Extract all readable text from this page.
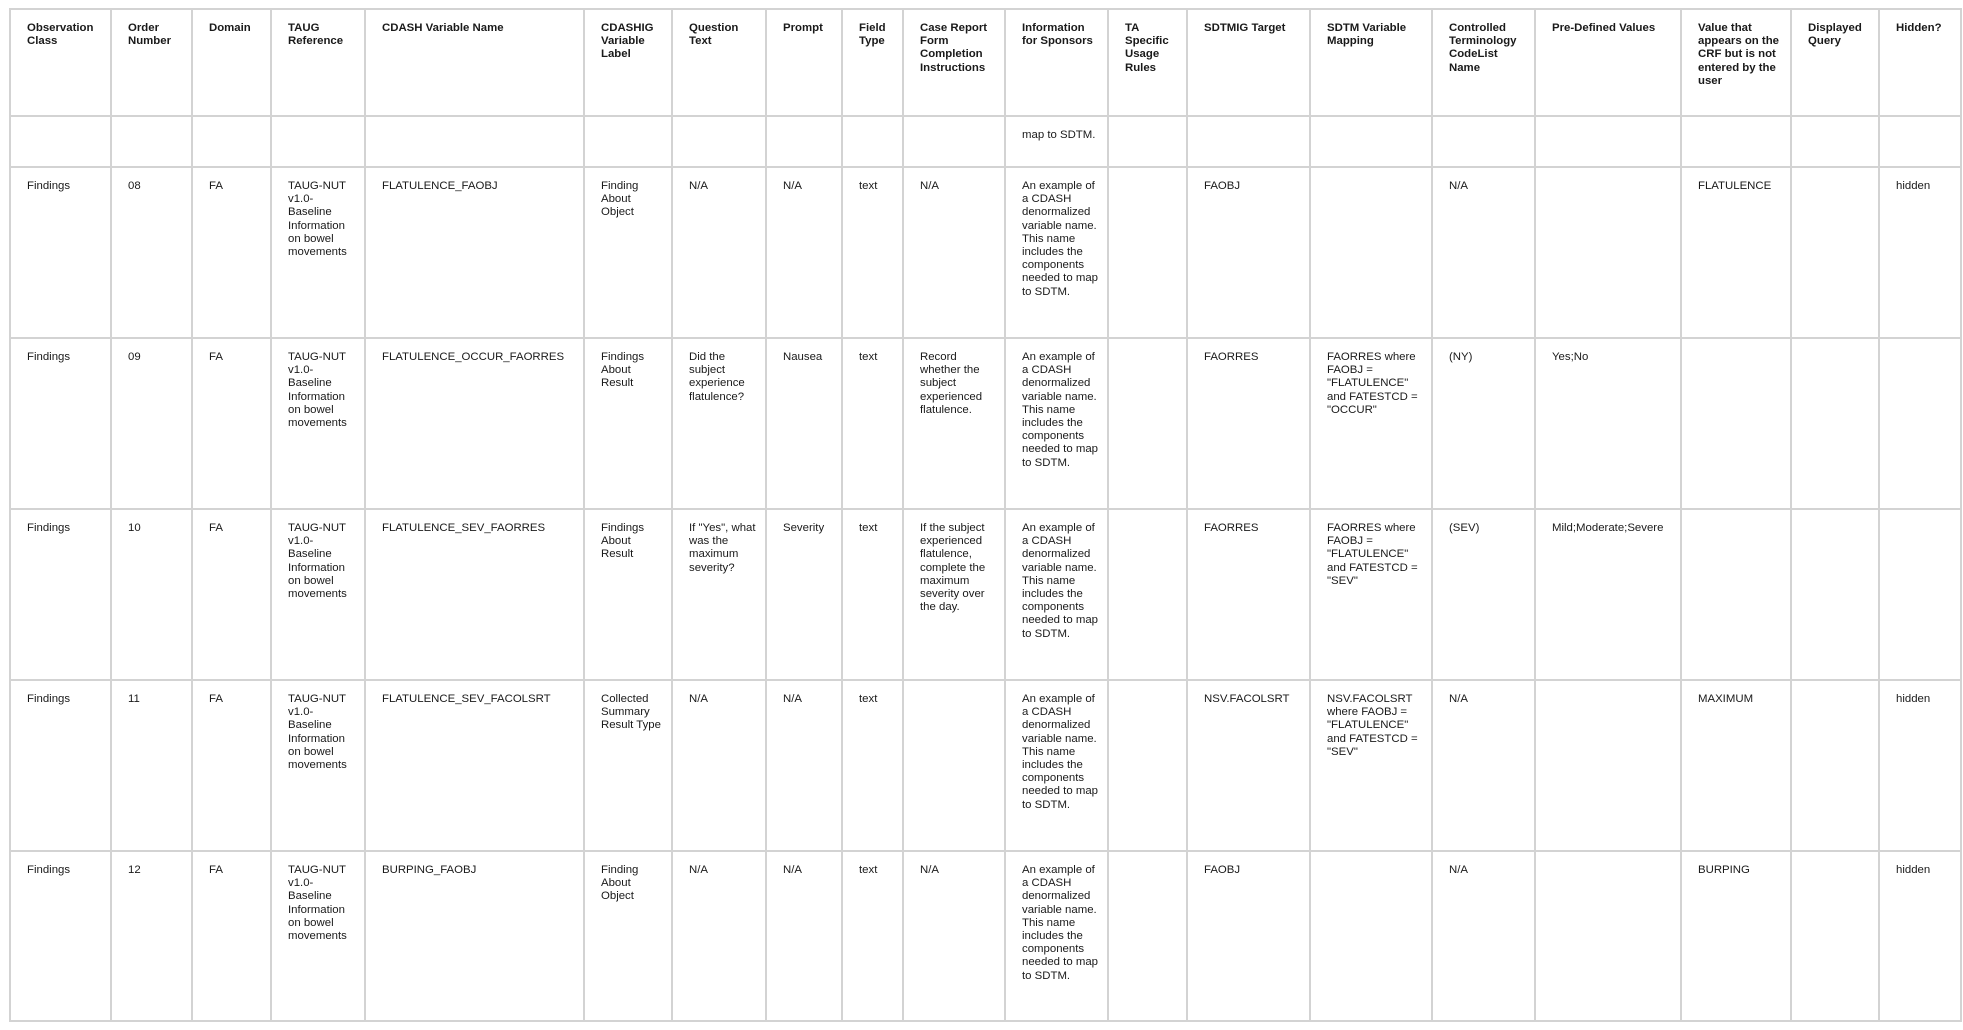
Observation Class	Order Number	Domain	TAUG Reference	CDASH Variable Name	CDASHIG Variable Label	Question Text	Prompt	Field Type	Case Report Form Completion Instructions	Information for Sponsors	TA Specific Usage Rules	SDTMIG Target	SDTM Variable Mapping	Controlled Terminology CodeList Name	Pre-Defined Values	Value that appears on the CRF but is not entered by the user	Displayed Query	Hidden?
										map to SDTM.								
Findings	08	FA	TAUG-NUT v1.0-Baseline Information on bowel movements	FLATULENCE_FAOBJ	Finding About Object	N/A	N/A	text	N/A	An example of a CDASH denormalized variable name. This name includes the components needed to map to SDTM.		FAOBJ		N/A		FLATULENCE		hidden
Findings	09	FA	TAUG-NUT v1.0-Baseline Information on bowel movements	FLATULENCE_OCCUR_FAORRES	Findings About Result	Did the subject experience flatulence?	Nausea	text	Record whether the subject experienced flatulence.	An example of a CDASH denormalized variable name. This name includes the components needed to map to SDTM.		FAORRES	FAORRES where FAOBJ = "FLATULENCE" and FATESTCD = "OCCUR"	(NY)	Yes;No			
Findings	10	FA	TAUG-NUT v1.0-Baseline Information on bowel movements	FLATULENCE_SEV_FAORRES	Findings About Result	If "Yes", what was the maximum severity?	Severity	text	If the subject experienced flatulence, complete the maximum severity over the day.	An example of a CDASH denormalized variable name. This name includes the components needed to map to SDTM.		FAORRES	FAORRES where FAOBJ = "FLATULENCE" and FATESTCD = "SEV"	(SEV)	Mild;Moderate;Severe			
Findings	11	FA	TAUG-NUT v1.0-Baseline Information on bowel movements	FLATULENCE_SEV_FACOLSRT	Collected Summary Result Type	N/A	N/A	text		An example of a CDASH denormalized variable name. This name includes the components needed to map to SDTM.		NSV.FACOLSRT	NSV.FACOLSRT where FAOBJ = "FLATULENCE" and FATESTCD = "SEV"	N/A		MAXIMUM		hidden
Findings	12	FA	TAUG-NUT v1.0-Baseline Information on bowel movements	BURPING_FAOBJ	Finding About Object	N/A	N/A	text	N/A	An example of a CDASH denormalized variable name. This name includes the components needed to map to SDTM.		FAOBJ		N/A		BURPING		hidden
